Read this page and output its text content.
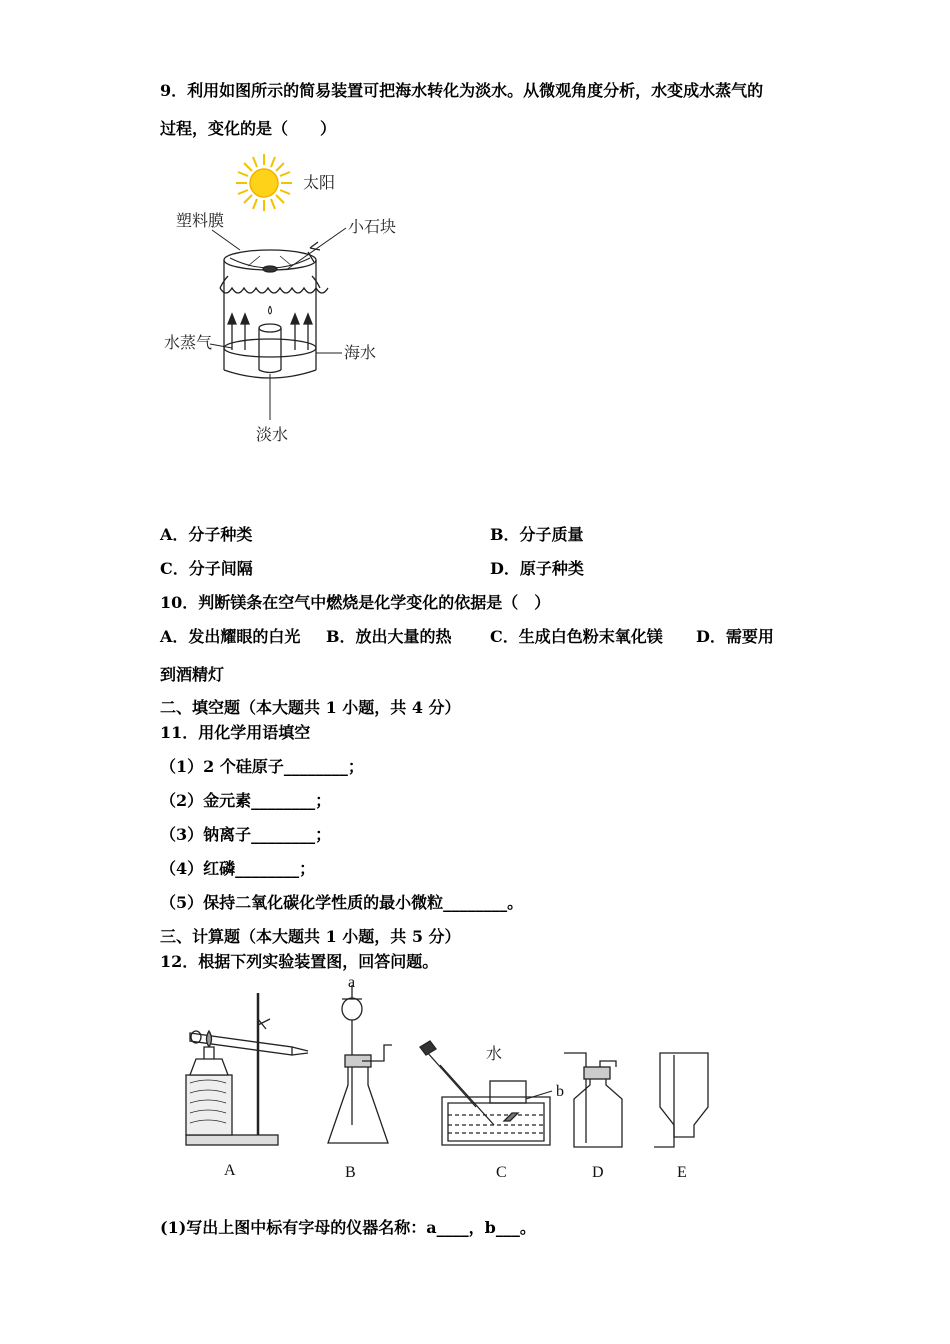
9．利用如图所示的简易装置可把海水转化为淡水。从微观角度分析，水变成水蒸气的
过程，变化的是（　　）
太阳
塑料膜	小石块
水蒸气
海水
淡水
A．分子种类	B．分子质量
C．分子间隔	D．原子种类
10．判断镁条在空气中燃烧是化学变化的依据是（　）
A．发出耀眼的白光 B．放出大量的热 C．生成白色粉末氧化镁 D．需要用
到酒精灯
二、填空题（本大题共 1 小题，共 4 分）
11．用化学用语填空
（1）2 个硅原子________；
（2）金元素________；
（3）钠离子________；
（4）红磷________；
（5）保持二氧化碳化学性质的最小微粒________。
三、计算题（本大题共 1 小题，共 5 分）
12．根据下列实验装置图，回答问题。
a
b
水
A	B	C	D	E
(1)写出上图中标有字母的仪器名称：a____，b___。
